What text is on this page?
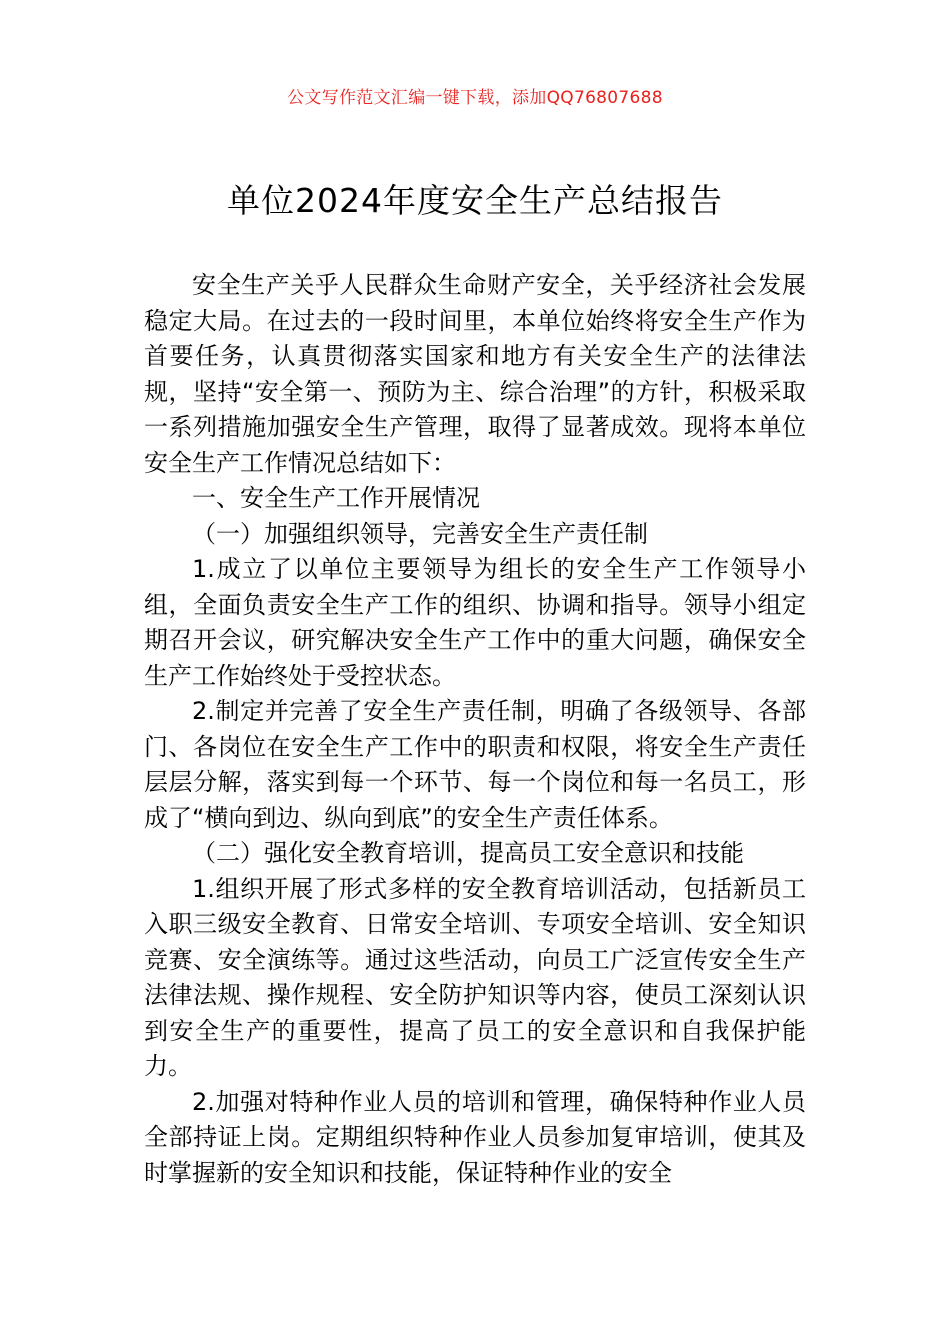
公文写作范文汇编一键下载，添加QQ76807688
单位2024年度安全生产总结报告

安全生产关乎人民群众生命财产安全，关乎经济社会发展稳定大局。在过去的一段时间里，本单位始终将安全生产作为首要任务，认真贯彻落实国家和地方有关安全生产的法律法规，坚持“安全第一、预防为主、综合治理”的方针，积极采取一系列措施加强安全生产管理，取得了显著成效。现将本单位安全生产工作情况总结如下：

一、安全生产工作开展情况

（一）加强组织领导，完善安全生产责任制

1.成立了以单位主要领导为组长的安全生产工作领导小组，全面负责安全生产工作的组织、协调和指导。领导小组定期召开会议，研究解决安全生产工作中的重大问题，确保安全生产工作始终处于受控状态。

2.制定并完善了安全生产责任制，明确了各级领导、各部门、各岗位在安全生产工作中的职责和权限，将安全生产责任层层分解，落实到每一个环节、每一个岗位和每一名员工，形成了“横向到边、纵向到底”的安全生产责任体系。

（二）强化安全教育培训，提高员工安全意识和技能

1.组织开展了形式多样的安全教育培训活动，包括新员工入职三级安全教育、日常安全培训、专项安全培训、安全知识竞赛、安全演练等。通过这些活动，向员工广泛宣传安全生产法律法规、操作规程、安全防护知识等内容，使员工深刻认识到安全生产的重要性，提高了员工的安全意识和自我保护能力。

2.加强对特种作业人员的培训和管理，确保特种作业人员全部持证上岗。定期组织特种作业人员参加复审培训，使其及时掌握新的安全知识和技能，保证特种作业的安全
